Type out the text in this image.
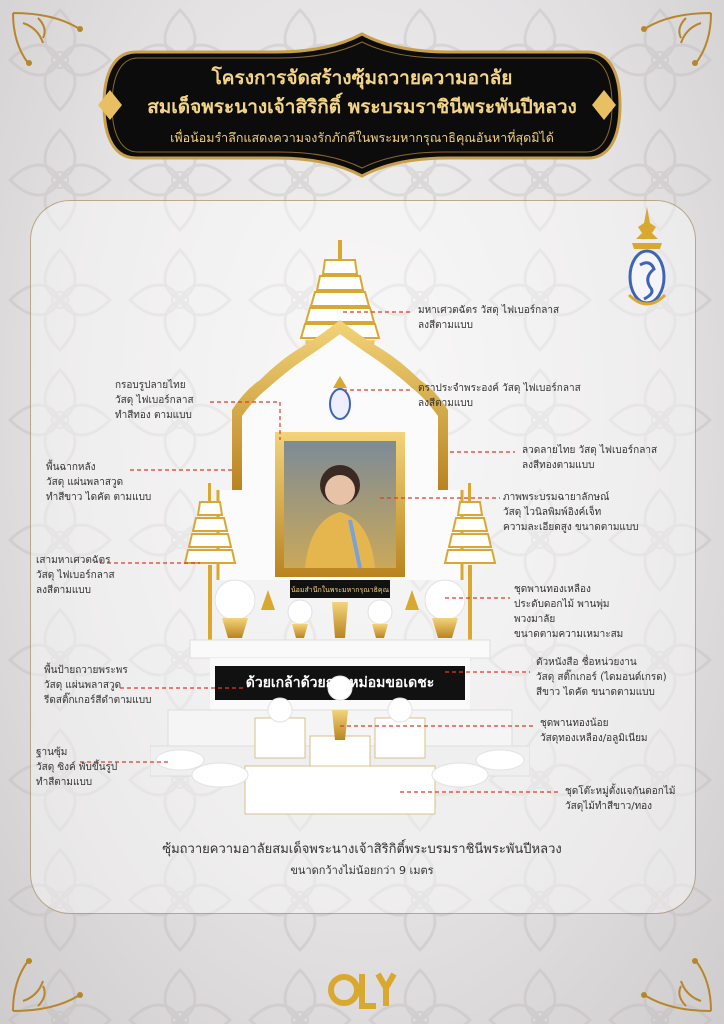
โครงการจัดสร้างซุ้มถวายความอาลัย
สมเด็จพระนางเจ้าสิริกิติ์ พระบรมราชินีพระพันปีหลวง
เพื่อน้อมรำลึกแสดงความจงรักภักดีในพระมหากรุณาธิคุณอันหาที่สุดมิได้
น้อมสำนึกในพระมหากรุณาธิคุณ
ด้วยเกล้าด้วยกระหม่อมขอเดชะ
มหาเศวตฉัตร วัสดุ ไฟเบอร์กลาส
ลงสีตามแบบ
ตราประจำพระองค์ วัสดุ ไฟเบอร์กลาส
ลงสีตามแบบ
กรอบรูปลายไทย
วัสดุ ไฟเบอร์กลาส
ทำสีทอง ตามแบบ
ลวดลายไทย วัสดุ ไฟเบอร์กลาส
ลงสีทองตามแบบ
พื้นฉากหลัง
วัสดุ แผ่นพลาสวูด
ทำสีขาว ไดคัต ตามแบบ	ภาพพระบรมฉายาลักษณ์
วัสดุ ไวนิลพิมพ์อิงค์เจ็ท
ความละเอียดสูง ขนาดตามแบบ
เสามหาเศวตฉัตร
วัสดุ ไฟเบอร์กลาส
ลงสีตามแบบ	ชุดพานทองเหลือง
ประดับดอกไม้ พานพุ่ม
พวงมาลัย
ขนาดตามความเหมาะสม
พื้นป้ายถวายพระพร
วัสดุ แผ่นพลาสวูด
รีดสติ๊กเกอร์สีดำตามแบบ
ตัวหนังสือ ชื่อหน่วยงาน
วัสดุ สติ๊กเกอร์ (ไดมอนด์เกรด)
สีขาว ไดคัต ขนาดตามแบบ
ชุดพานทองน้อย
วัสดุทองเหลือง/อลูมิเนียม
ฐานซุ้ม
วัสดุ ซิงค์ พับขึ้นรูป
ทำสีตามแบบ
ชุดโต๊ะหมู่ตั้งแจกันดอกไม้
วัสดุไม้ทำสีขาว/ทอง
ซุ้มถวายความอาลัยสมเด็จพระนางเจ้าสิริกิติ์พระบรมราชินีพระพันปีหลวง
ขนาดกว้างไม่น้อยกว่า 9 เมตร
